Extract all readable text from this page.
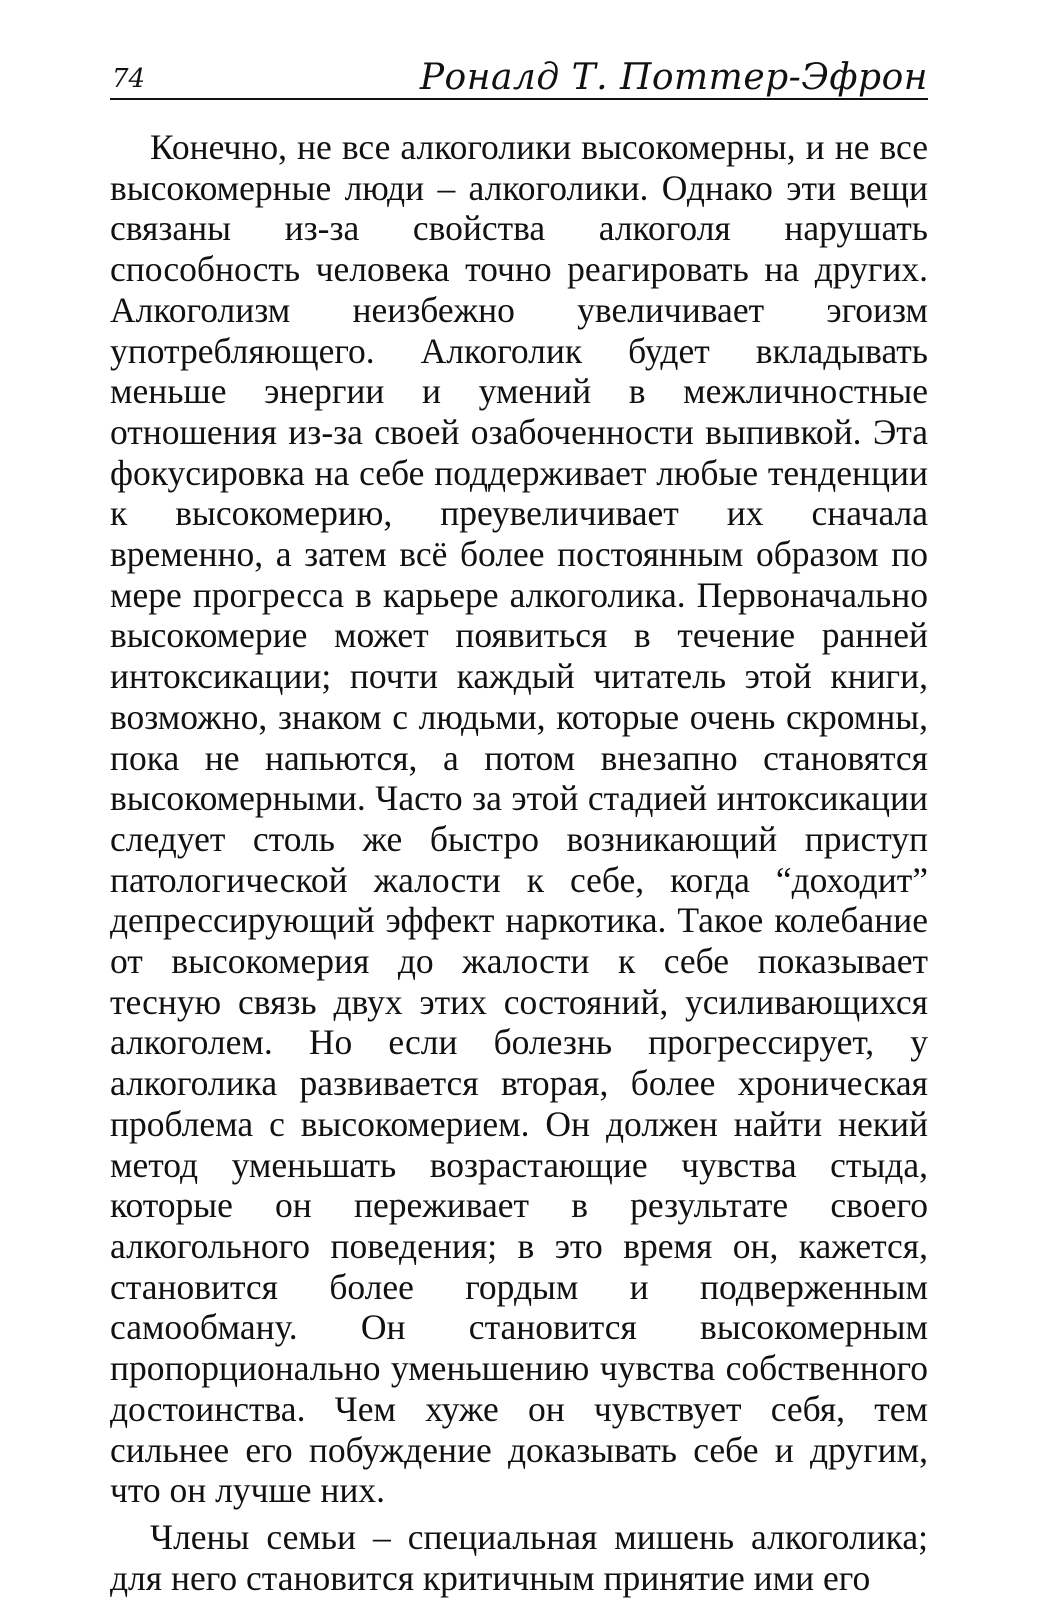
74	Роналд Т. Поттер-Эфрон

Конечно, не все алкоголики высокомерны, и не все высокомерные люди – алкоголики. Однако эти вещи связаны из-за свойства алкоголя нарушать способность человека точно реагировать на других. Алкоголизм неизбежно увеличивает эгоизм употребляющего. Алкоголик будет вкладывать меньше энергии и умений в межличностные отношения из-за своей озабоченности выпивкой. Эта фокусировка на себе поддерживает любые тенденции к высокомерию, преувеличивает их сначала временно, а затем всё более постоянным образом по мере прогресса в карьере алкоголика. Первоначально высокомерие может появиться в течение ранней интоксикации; почти каждый читатель этой книги, возможно, знаком с людьми, которые очень скромны, пока не напьются, а потом внезапно становятся высокомерными. Часто за этой стадией интоксикации следует столь же быстро возникающий приступ патологической жалости к себе, когда “доходит” депрессирующий эффект наркотика. Такое колебание от высокомерия до жалости к себе показывает тесную связь двух этих состояний, усиливающихся алкоголем. Но если болезнь прогрессирует, у алкоголика развивается вторая, более хроническая проблема с высокомерием. Он должен найти некий метод уменьшать возрастающие чувства стыда, которые он переживает в результате своего алкогольного поведения; в это время он, кажется, становится более гордым и подверженным самообману. Он становится высокомерным пропорционально уменьшению чувства собственного достоинства. Чем хуже он чувствует себя, тем сильнее его побуждение доказывать себе и другим, что он лучше них.

Члены семьи – специальная мишень алкоголика; для него становится критичным принятие ими его
